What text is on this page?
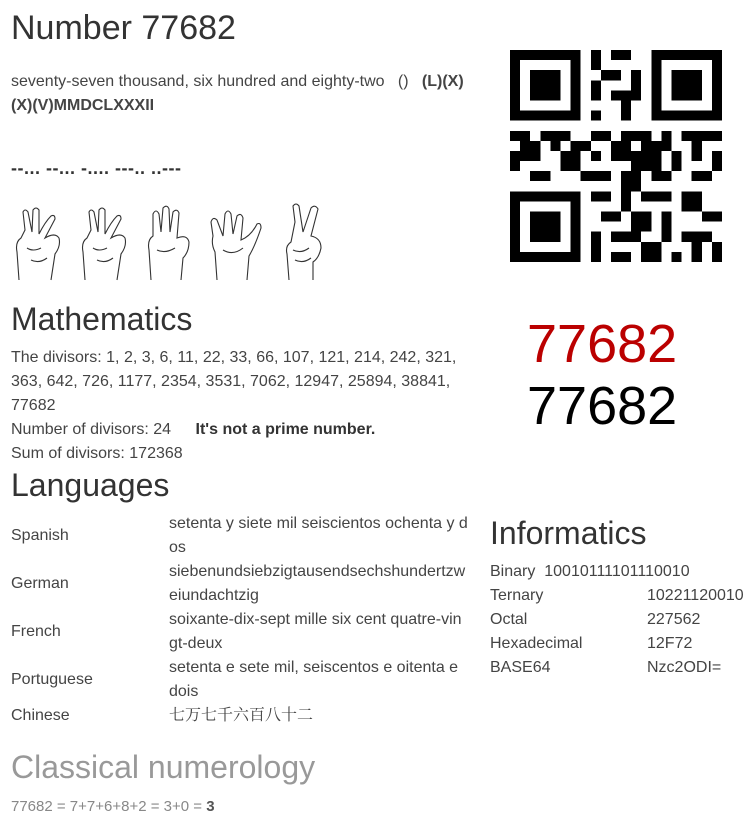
Number 77682
seventy-seven thousand, six hundred and eighty-two () (L)(X)(X)(V)MMDCLXXXII
--... --... -.... ---.. ..---
Mathematics
The divisors: 1, 2, 3, 6, 11, 22, 33, 66, 107, 121, 214, 242, 321, 363, 642, 726, 1177, 2354, 3531, 7062, 12947, 25894, 38841, 77682
Number of divisors: 24 It's not a prime number.
Sum of divisors: 172368
77682
77682
Languages
Spanish	setenta y siete mil seiscientos ochenta y dos
German	siebenundsiebzigtausendsechshundertzweiundachtzig
French	soixante-dix-sept mille six cent quatre-vingt-deux
Portuguese	setenta e sete mil, seiscentos e oitenta e dois
Chinese	七万七千六百八十二
Informatics
Binary 10010111101110010	
Ternary	10221120010
Octal	227562
Hexadecimal	12F72
BASE64	Nzc2ODI=
Classical numerology
77682 = 7+7+6+8+2 = 3+0 = 3
